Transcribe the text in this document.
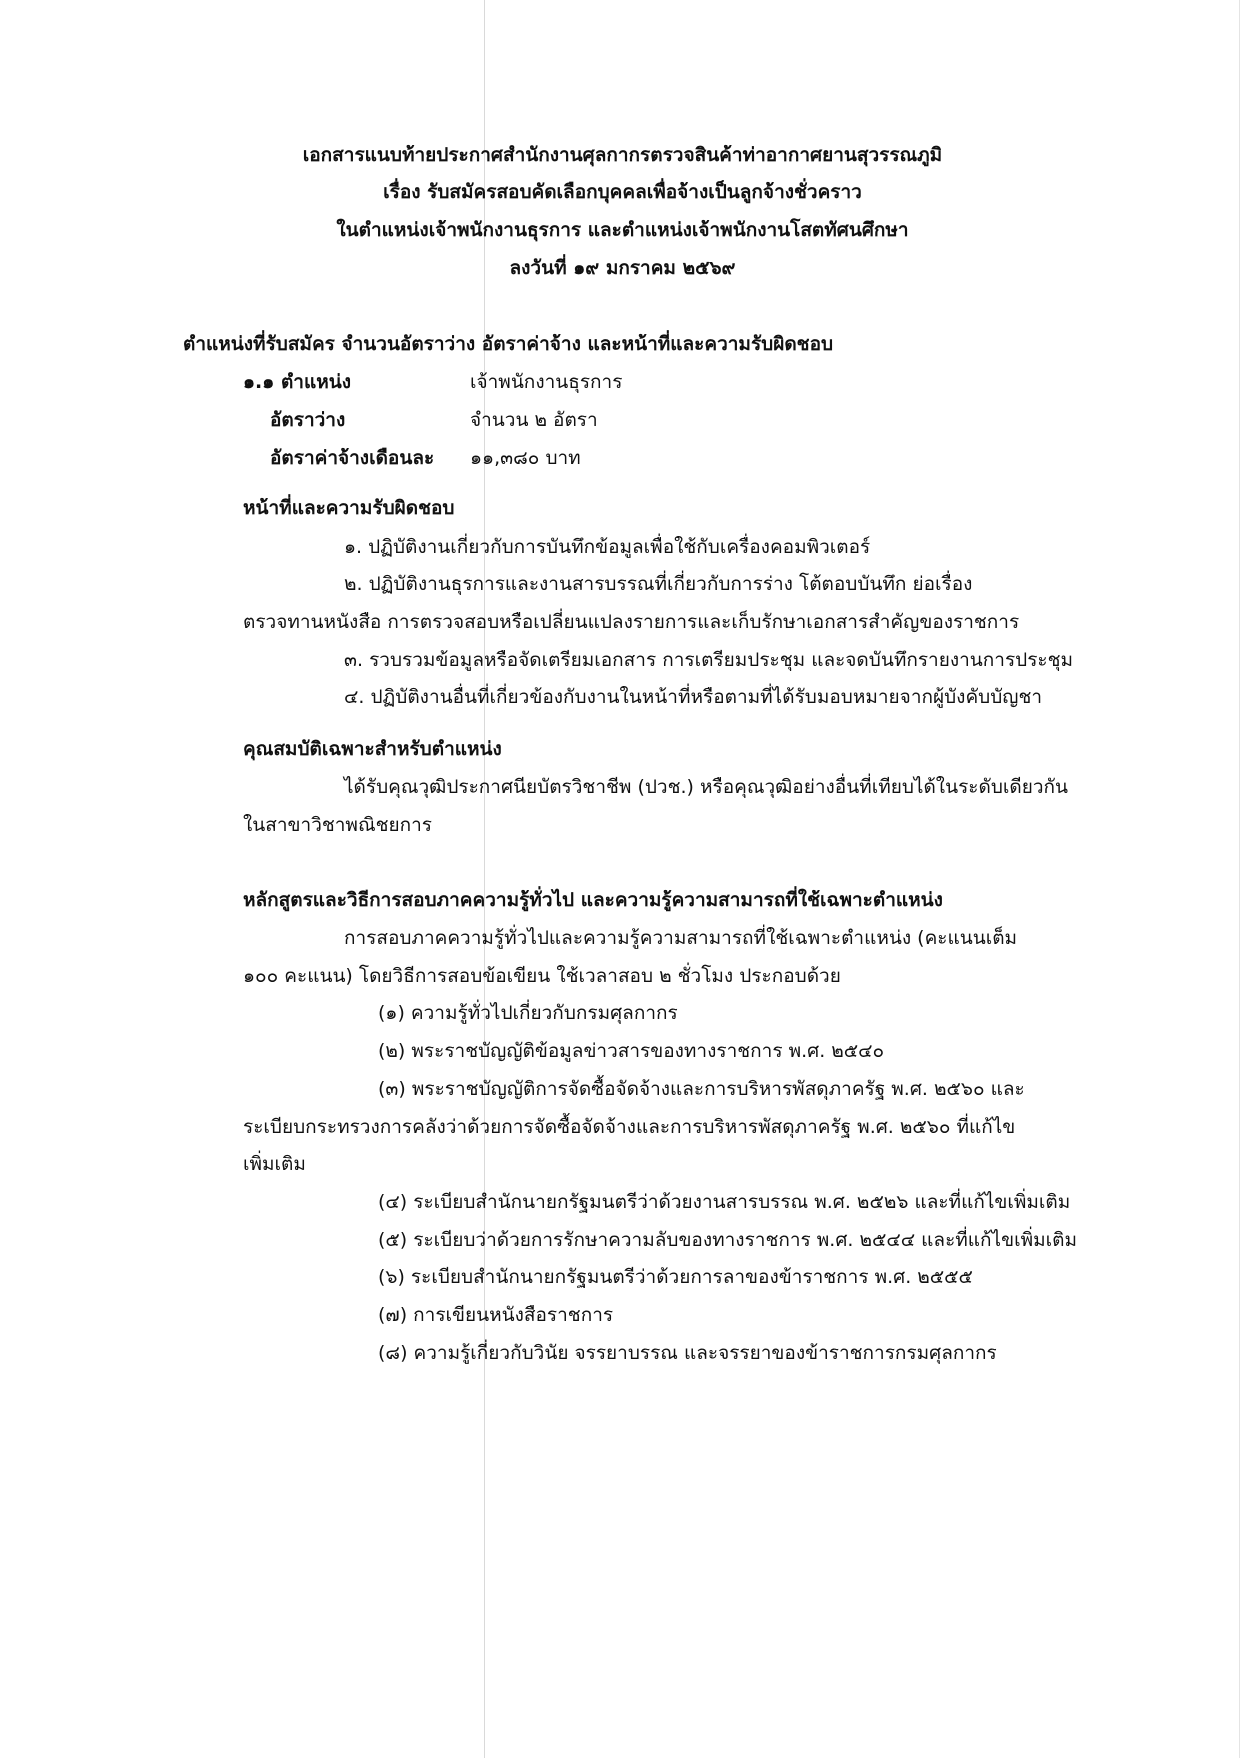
เอกสารแนบท้ายประกาศสำนักงานศุลกากรตรวจสินค้าท่าอากาศยานสุวรรณภูมิ
เรื่อง รับสมัครสอบคัดเลือกบุคคลเพื่อจ้างเป็นลูกจ้างชั่วคราว
ในตำแหน่งเจ้าพนักงานธุรการ และตำแหน่งเจ้าพนักงานโสตทัศนศึกษา
ลงวันที่ ๑๙ มกราคม ๒๕๖๙
ตำแหน่งที่รับสมัคร จำนวนอัตราว่าง อัตราค่าจ้าง และหน้าที่และความรับผิดชอบ
๑.๑ ตำแหน่ง	เจ้าพนักงานธุรการ
อัตราว่าง	จำนวน ๒ อัตรา
อัตราค่าจ้างเดือนละ ๑๑,๓๘๐ บาท
หน้าที่และความรับผิดชอบ
๑. ปฏิบัติงานเกี่ยวกับการบันทึกข้อมูลเพื่อใช้กับเครื่องคอมพิวเตอร์
๒. ปฏิบัติงานธุรการและงานสารบรรณที่เกี่ยวกับการร่าง โต้ตอบบันทึก ย่อเรื่อง
ตรวจทานหนังสือ การตรวจสอบหรือเปลี่ยนแปลงรายการและเก็บรักษาเอกสารสำคัญของราชการ
๓. รวบรวมข้อมูลหรือจัดเตรียมเอกสาร การเตรียมประชุม และจดบันทึกรายงานการประชุม
๔. ปฏิบัติงานอื่นที่เกี่ยวข้องกับงานในหน้าที่หรือตามที่ได้รับมอบหมายจากผู้บังคับบัญชา
คุณสมบัติเฉพาะสำหรับตำแหน่ง
ได้รับคุณวุฒิประกาศนียบัตรวิชาชีพ (ปวช.) หรือคุณวุฒิอย่างอื่นที่เทียบได้ในระดับเดียวกัน
ในสาขาวิชาพณิชยการ
หลักสูตรและวิธีการสอบภาคความรู้ทั่วไป และความรู้ความสามารถที่ใช้เฉพาะตำแหน่ง
การสอบภาคความรู้ทั่วไปและความรู้ความสามารถที่ใช้เฉพาะตำแหน่ง (คะแนนเต็ม
๑๐๐ คะแนน) โดยวิธีการสอบข้อเขียน ใช้เวลาสอบ ๒ ชั่วโมง ประกอบด้วย
(๑) ความรู้ทั่วไปเกี่ยวกับกรมศุลกากร
(๒) พระราชบัญญัติข้อมูลข่าวสารของทางราชการ พ.ศ. ๒๕๔๐
(๓) พระราชบัญญัติการจัดซื้อจัดจ้างและการบริหารพัสดุภาครัฐ พ.ศ. ๒๕๖๐ และ
ระเบียบกระทรวงการคลังว่าด้วยการจัดซื้อจัดจ้างและการบริหารพัสดุภาครัฐ พ.ศ. ๒๕๖๐ ที่แก้ไข
เพิ่มเติม
(๔) ระเบียบสำนักนายกรัฐมนตรีว่าด้วยงานสารบรรณ พ.ศ. ๒๕๒๖ และที่แก้ไขเพิ่มเติม
(๕) ระเบียบว่าด้วยการรักษาความลับของทางราชการ พ.ศ. ๒๕๔๔ และที่แก้ไขเพิ่มเติม
(๖) ระเบียบสำนักนายกรัฐมนตรีว่าด้วยการลาของข้าราชการ พ.ศ. ๒๕๕๕
(๗) การเขียนหนังสือราชการ
(๘) ความรู้เกี่ยวกับวินัย จรรยาบรรณ และจรรยาของข้าราชการกรมศุลกากร
